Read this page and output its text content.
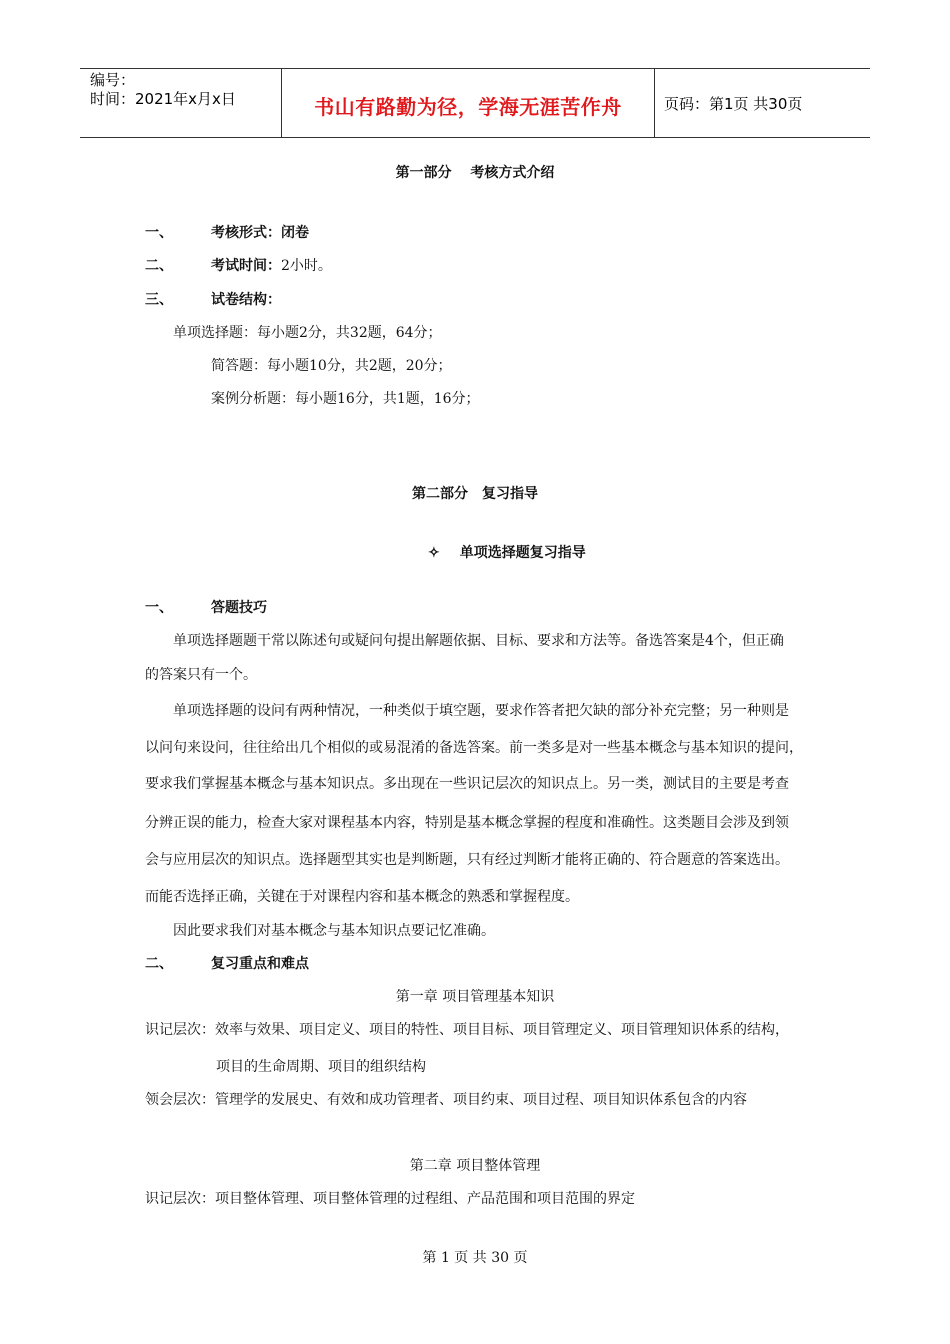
编号：
时间：2021年x月x日	书山有路勤为径，学海无涯苦作舟	页码：第1页 共30页
第一部分　 考核方式介绍
一、	考核形式：闭卷
二、	考试时间：2小时。
三、	试卷结构：
单项选择题：每小题2分，共32题，64分；
简答题：每小题10分，共2题，20分；
案例分析题：每小题16分，共1题，16分；
第二部分　复习指导
✧ 单项选择题复习指导
一、	答题技巧
单项选择题题干常以陈述句或疑问句提出解题依据、目标、要求和方法等。备选答案是4个，但正确
的答案只有一个。
单项选择题的设问有两种情况，一种类似于填空题，要求作答者把欠缺的部分补充完整；另一种则是
以问句来设问，往往给出几个相似的或易混淆的备选答案。前一类多是对一些基本概念与基本知识的提问，
要求我们掌握基本概念与基本知识点。多出现在一些识记层次的知识点上。另一类，测试目的主要是考查
分辨正误的能力，检查大家对课程基本内容，特别是基本概念掌握的程度和准确性。这类题目会涉及到领
会与应用层次的知识点。选择题型其实也是判断题，只有经过判断才能将正确的、符合题意的答案选出。
而能否选择正确，关键在于对课程内容和基本概念的熟悉和掌握程度。
因此要求我们对基本概念与基本知识点要记忆准确。
二、	复习重点和难点
第一章 项目管理基本知识
识记层次：效率与效果、项目定义、项目的特性、项目目标、项目管理定义、项目管理知识体系的结构，
项目的生命周期、项目的组织结构
领会层次：管理学的发展史、有效和成功管理者、项目约束、项目过程、项目知识体系包含的内容
第二章 项目整体管理
识记层次：项目整体管理、项目整体管理的过程组、产品范围和项目范围的界定
第 1 页 共 30 页
